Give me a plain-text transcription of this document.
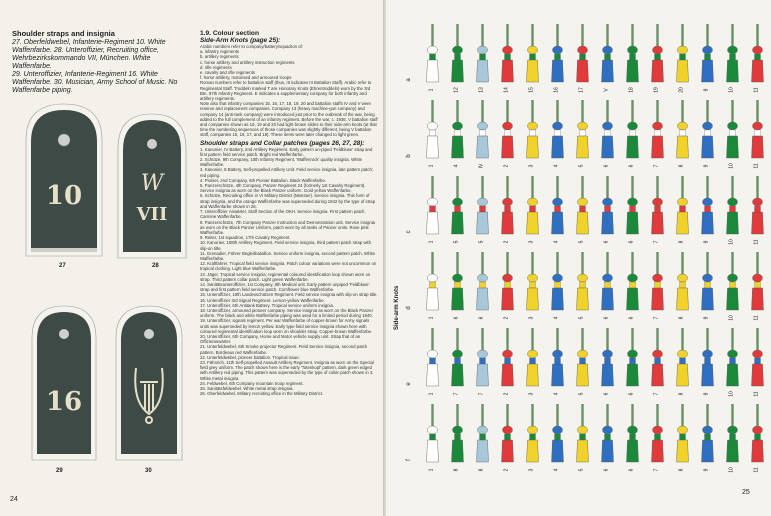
Shoulder straps and insignia
27. Oberfeldwebel, Infanterie-Regiment 10. White Waffenfarbe. 28. Unteroffizier, Recruiting office, Wehrbezirkskommando VII, München. White Waffenfarbe.
29. Unteroffizier, Infanterie-Regiment 16. White Waffenfarbe. 30. Musician, Army School of Music. No Waffenfarbe piping.
10
27
W
VII
28
16
29	30
24
1.9. Colour section
Side-Arm Knots (page 25):

Arabic numbers refer to company/battery/squadron of:

a. infantry regiments

b. artillery regiments

c. horse artillery and artillery instruction regiments

d. rifle regiments

e. cavalry and rifle regiments

f. horse artillery, motorised and armoured troops

Roman numbers refer to battalion staff (thus, III indicates III Battalion Staff). Arabic refer to Regimental Staff. Troddeln marked T are Honorary Knots (Ehrentroddeln) worn by the 3rd Btn. 87th Infantry Regiment. E indicates a supplementary company for both infantry and artillery regiments.

Note also that infantry companies 15, 16, 17, 18, 19, 20 and battalion staffs IV and V were reserve and replacement companies. Company 13 (heavy machine-gun company) and company 14 (anti-tank company) were introduced just prior to the outbreak of the war, being added to the full complement of an infantry regiment. Before the war, c. 1936, V battalion staff and companies shown as 18, 19 and 20 had light brown slides to their side-arm knots (at that time the numbering sequences of those companies was slightly different, being V battalion staff, companies 15, 16, 17, and 18). These items were later changed to light green.

Shoulder straps and Collar patches (pages 26, 27, 28):

1. Kanonier, IV Battery, 2nd Artillery Regiment. Early pattern un-piped 'Feldbluse' strap and first pattern field service patch. Bright red Waffenfarbe.

2. Schütze, 9th Company, 10th Infantry Regiment, 'Waffenrock' quality insignia. White Waffenfarbe.

3. Kanonier, 8 Battery, Self-propelled Artillery Unit. Field service insignia, late pattern patch; red piping.

4. Pionier, 2nd Company, 6th Pionier Battalion. Black Waffenfarbe.

5. Panzerschütze, 4th Company, Panzer Regiment 24 (formerly 1st Cavalry Regiment). Service insignia as worn on the Black Panzer uniform. Gold yellow Waffenfarbe.

6. Schütze, Recruiting office in VI Military District (Münster). Service insignia. This form of strap insignia, and the orange Waffenfarbe was superseded during 1942 by the type of strap and Waffenfarbe shown in 26.

7. Unteroffizier Anwärter, Staff Section of the OKH. Service insignia. First pattern patch. Carmine Waffenfarbe.

8. Panzerschütze, 7th Company Panzer Instruction and Demonstration unit. Service insignia as worn on the Black Panzer Uniform, patch worn by all ranks of Panzer units. Rose pink Waffenfarbe.

9. Reiter, 1st squadron, 17th Cavalry Regiment.

10. Kanonier, 108th Artillery Regiment. Field service insignia, third pattern patch strap with slip-on title.

11. Grenadier, Führer Begleitbataillon. Service uniform insignia, second pattern patch. White Waffenfarbe.

12. Kraftfahrer. Tropical field service insignia. Patch colour variations were not uncommon on tropical clothing. Light blue Waffenfarbe.

13. Jäger, Tropical service insignia; regimental coloured identification loop shown worn on strap. Third pattern collar patch. Light green Waffenfarbe.

14. Sanitätsunteroffizier, 1st Company, 8th Medical unit. Early pattern unpiped 'Feldbluse' strap and first pattern field service patch. Cornflower blue Waffenfarbe.

15. Unteroffizier, 10th Landesschützen Regiment. Field service insignia with slip-on strap title.

16. Unteroffizier 3rd Signal Regiment. Lemon-yellow Waffenfarbe.

17. Unteroffizier, 6th Antitank Battery. Tropical service uniform insignia.

18. Unteroffizier, armoured pioneer company. Service insignia as worn on the Black Panzer uniform. The black and white Waffenfarbe piping was used for a limited period during 1940.

19. Unteroffizier, signals regiment. Per war Waffenfarbe of copper-brown for Army signals units was superseded by lemon yellow. Early type field service insignia shown here with coloured regimental identification loop worn on shoulder strap. Copper-brown Waffenfarbe.

20. Unteroffizier, 6th Company, Horse and Motor vehicle supply unit. Strap that of an Offizieranwärter.

21. Unterfeldwebel, 6th Smoke projector Regiment. Field Service insignia, second patch pattern. Bordeaux red Waffenfarbe.

22. Unterfeldwebel, pioneer battalion. Tropical issue.

23. Fähnrich, 11th Self-propelled Assault Artillery Regiment. Insignia as worn on the Special field grey uniform. The patch shown here is the early 'Totenkopf' pattern, dark green edged with Artillery red piping. This pattern was superseded by the type of collar patch shown in 3. White metal insignia.

24. Feldwebel, 6th Company mountain troop regiment.

25. Sanitätsfeldwebel. White metal strap insignia.

26. Oberfeldwebel, Military recruiting office in the Military District.

a
1	12	13	14	15	16	17	V	18	19	20	9	10	11
b
1	4	IV	2	3	4	5	6	6	7	8	9	10	11
c
1	5	5	2	3	4	5	6	6	7	8	9	10	11
d
1	6	6	2	3	4	5	6	6	7	8	9	10	11
e
1	7	7	2	3	4	5	6	6	7	8	9	10	11
f
1	8	8	2	3	4	5	6	6	7	8	9	10	11
25
Side-arm Knots
